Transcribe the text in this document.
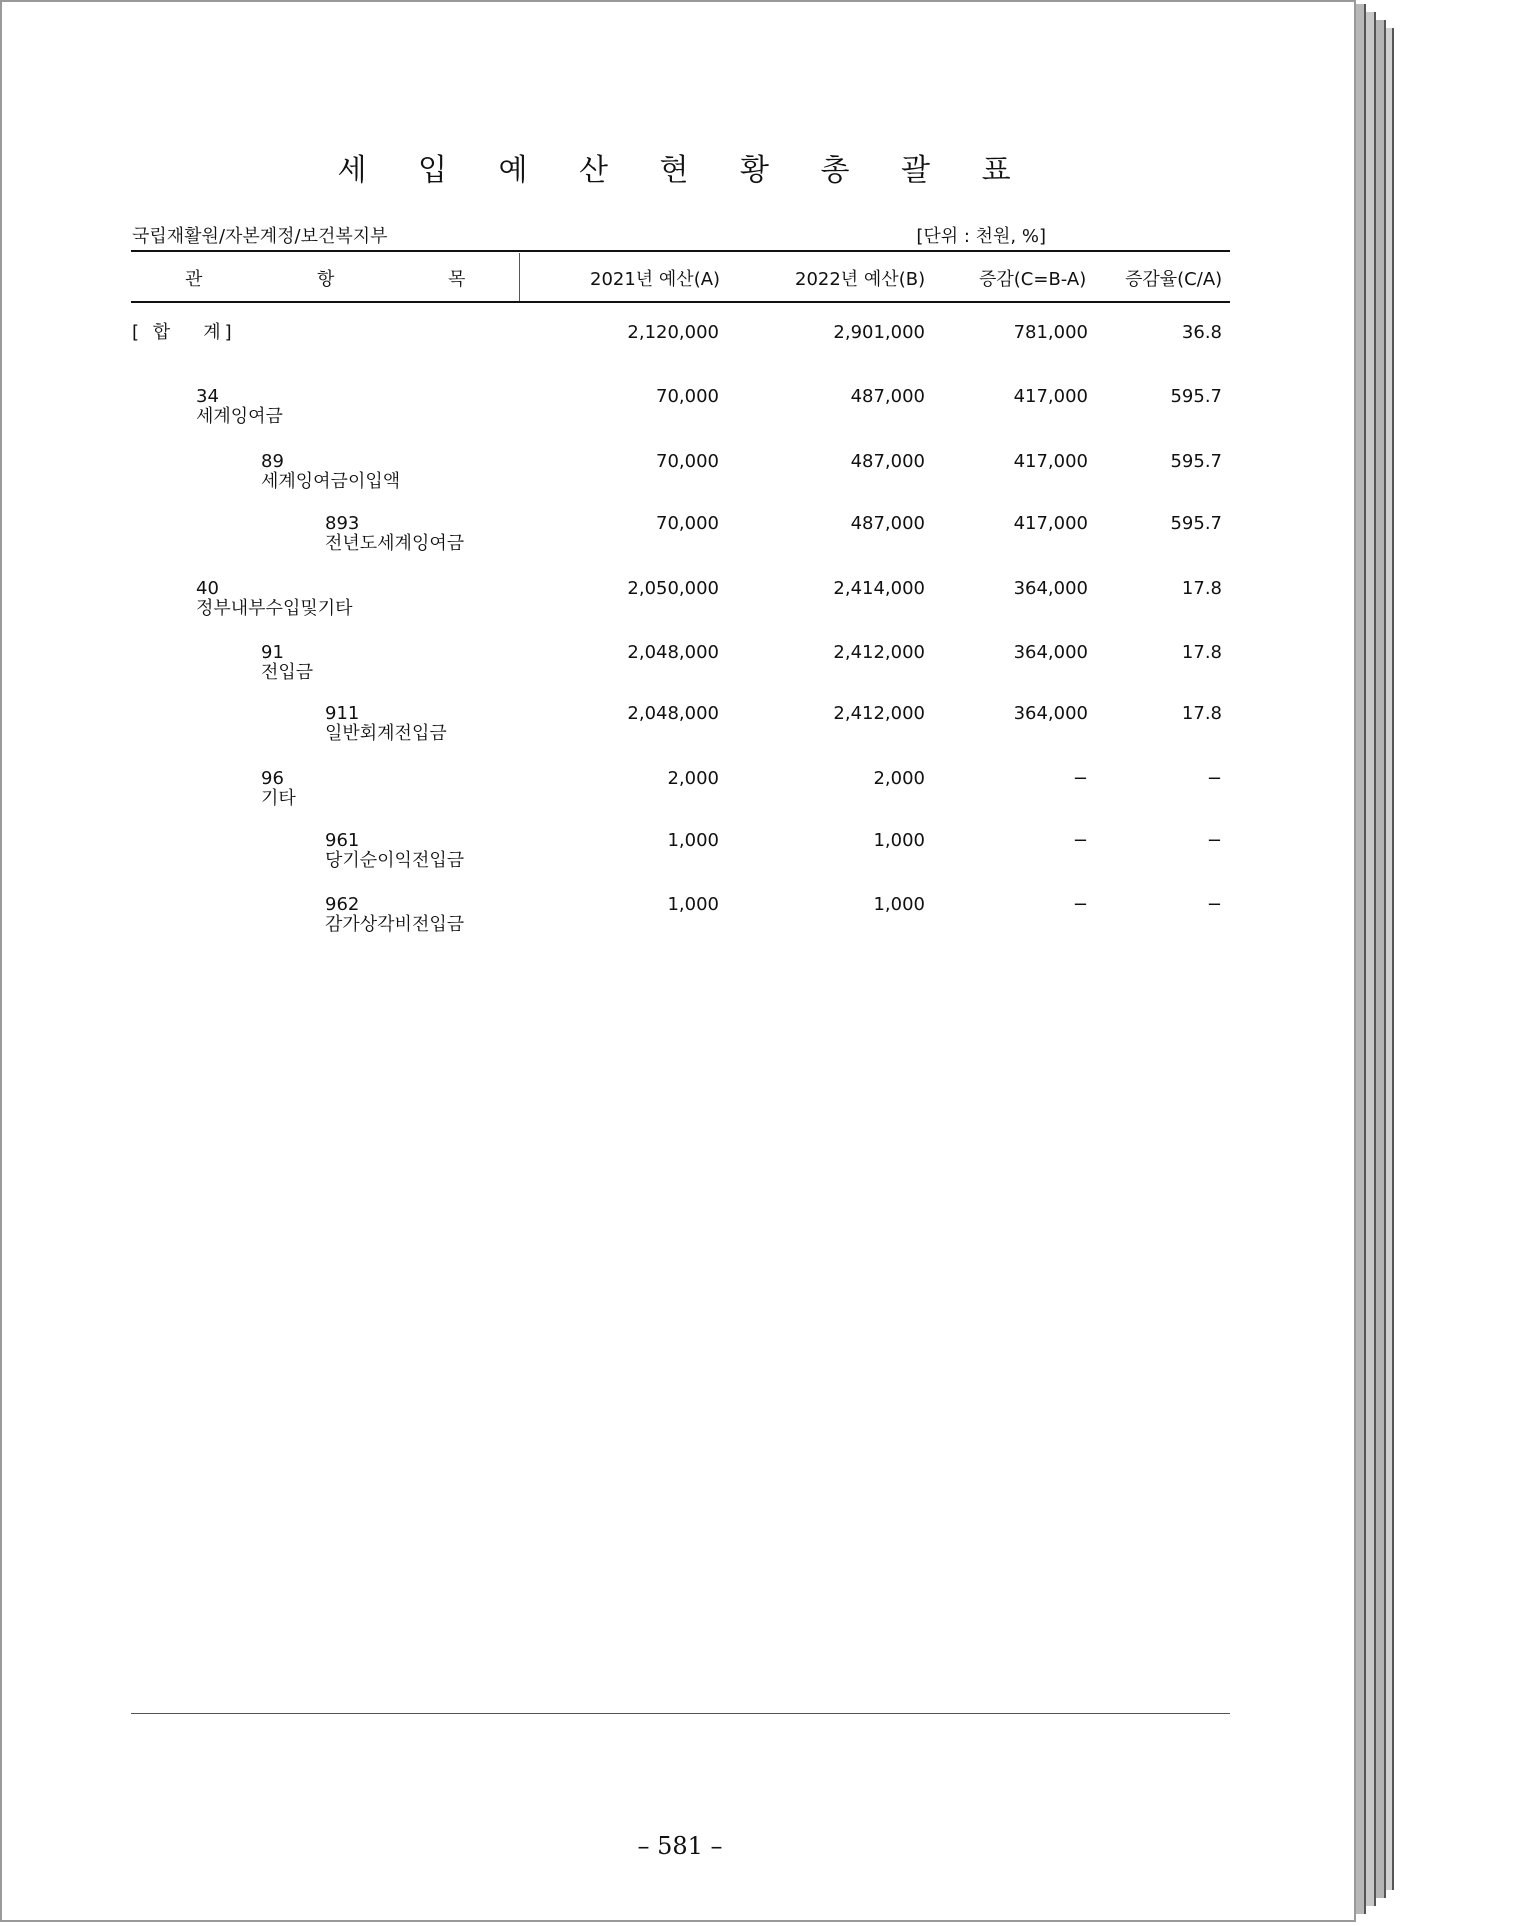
세 입 예 산 현 황 총 괄 표
국립재활원/자본계정/보건복지부	[단위 : 천원, %]
관	항	목	2021년 예산(A)	2022년 예산(B)	증감(C=B-A) 증감율(C/A)
[ 합   계]	2,120,000	2,901,000	781,000	36.8
34
세계잉여금
70,000	487,000	417,000	595.7
89
세계잉여금이입액
70,000	487,000	417,000	595.7
893
전년도세계잉여금
70,000	487,000	417,000	595.7
40
정부내부수입및기타
2,050,000	2,414,000	364,000	17.8
91
전입금
2,048,000	2,412,000	364,000	17.8
911
일반회계전입금
2,048,000	2,412,000	364,000	17.8
96
기타
2,000	2,000	−	−
961
당기순이익전입금
1,000	1,000	−	−
962
감가상각비전입금
1,000	1,000	−	−
– 581 –
